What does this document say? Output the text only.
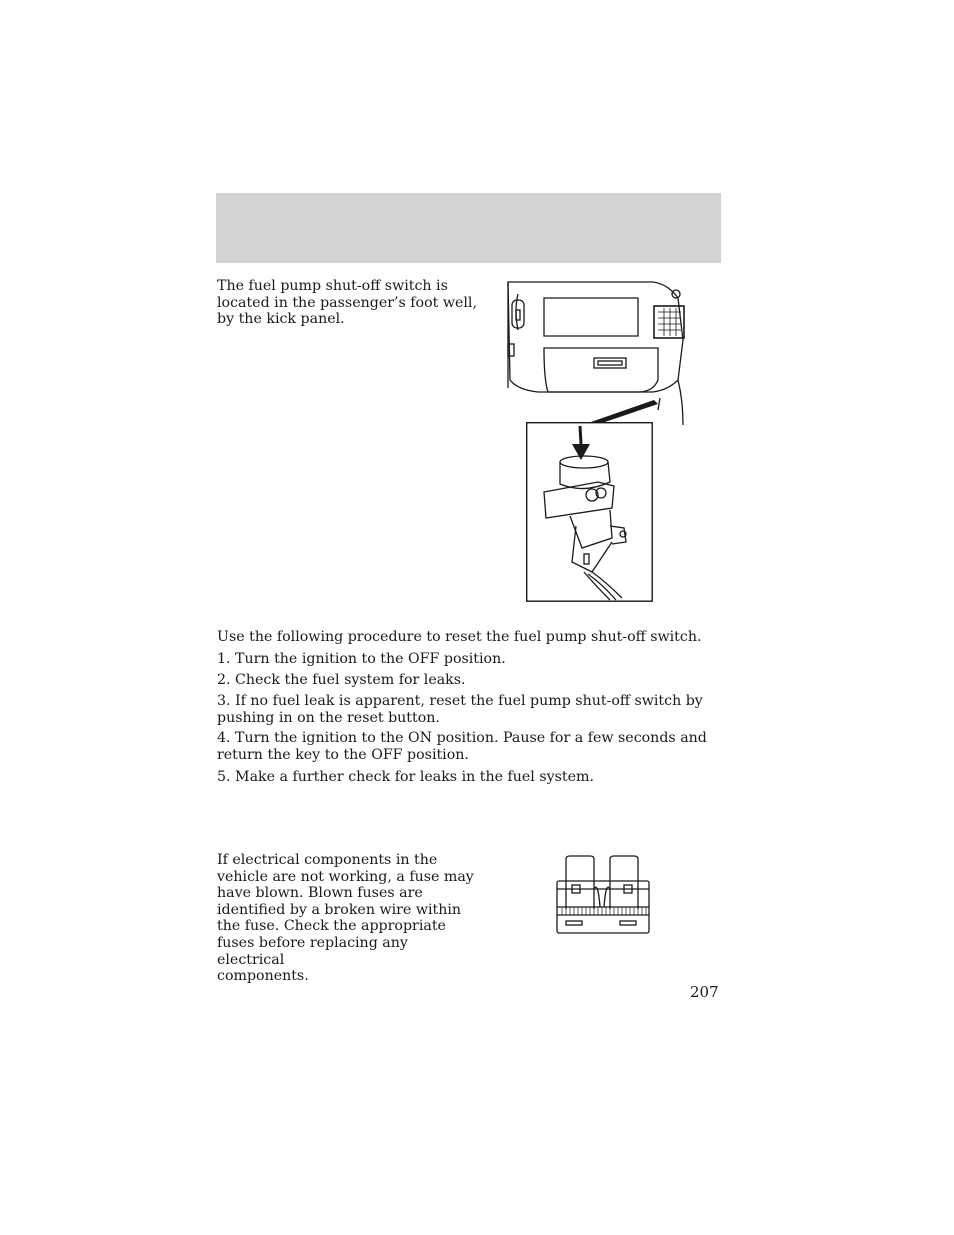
The fuel pump shut-off switch is
located in the passenger’s foot well,
by the kick panel.

Use the following procedure to reset the fuel pump shut-off switch.

1. Turn the ignition to the OFF position.

2. Check the fuel system for leaks.

3. If no fuel leak is apparent, reset the fuel pump shut-off switch by
pushing in on the reset button.
4. Turn the ignition to the ON position. Pause for a few seconds and
return the key to the OFF position.

5. Make a further check for leaks in the fuel system.

If electrical components in the
vehicle are not working, a fuse may
have blown. Blown fuses are
identified by a broken wire within
the fuse. Check the appropriate
fuses before replacing any electrical
components.
207
